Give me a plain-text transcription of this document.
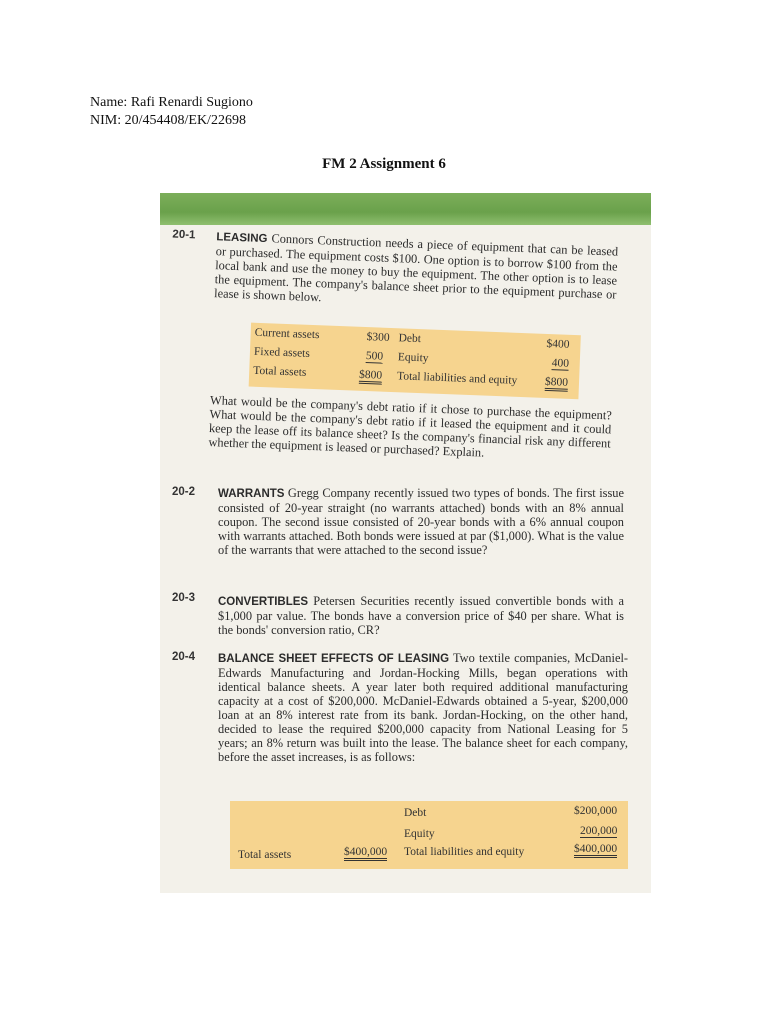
Name: Rafi Renardi Sugiono
NIM: 20/454408/EK/22698
FM 2 Assignment 6
20-1 LEASING Connors Construction needs a piece of equipment that can be leased or purchased. The equipment costs $100. One option is to borrow $100 from the local bank and use the money to buy the equipment. The other option is to lease the equipment. The company's balance sheet prior to the equipment purchase or lease is shown below.
Current assets	$300 Debt	$400
Fixed assets	500 Equity	400
Total assets	$800 Total liabilities and equity $800
What would be the company's debt ratio if it chose to purchase the equipment? What would be the company's debt ratio if it leased the equipment and it could keep the lease off its balance sheet? Is the company's financial risk any different whether the equipment is leased or purchased? Explain.
20-2 WARRANTS Gregg Company recently issued two types of bonds. The first issue consisted of 20-year straight (no warrants attached) bonds with an 8% annual coupon. The second issue consisted of 20-year bonds with a 6% annual coupon with warrants attached. Both bonds were issued at par ($1,000). What is the value of the warrants that were attached to the second issue?
20-3 CONVERTIBLES Petersen Securities recently issued convertible bonds with a $1,000 par value. The bonds have a conversion price of $40 per share. What is the bonds' conversion ratio, CR?
20-4 BALANCE SHEET EFFECTS OF LEASING Two textile companies, McDaniel-Edwards Manufacturing and Jordan-Hocking Mills, began operations with identical balance sheets. A year later both required additional manufacturing capacity at a cost of $200,000. McDaniel-Edwards obtained a 5-year, $200,000 loan at an 8% interest rate from its bank. Jordan-Hocking, on the other hand, decided to lease the required $200,000 capacity from National Leasing for 5 years; an 8% return was built into the lease. The balance sheet for each company, before the asset increases, is as follows:
Debt	$200,000
Equity	200,000
Total assets	$400,000 Total liabilities and equity	$400,000
